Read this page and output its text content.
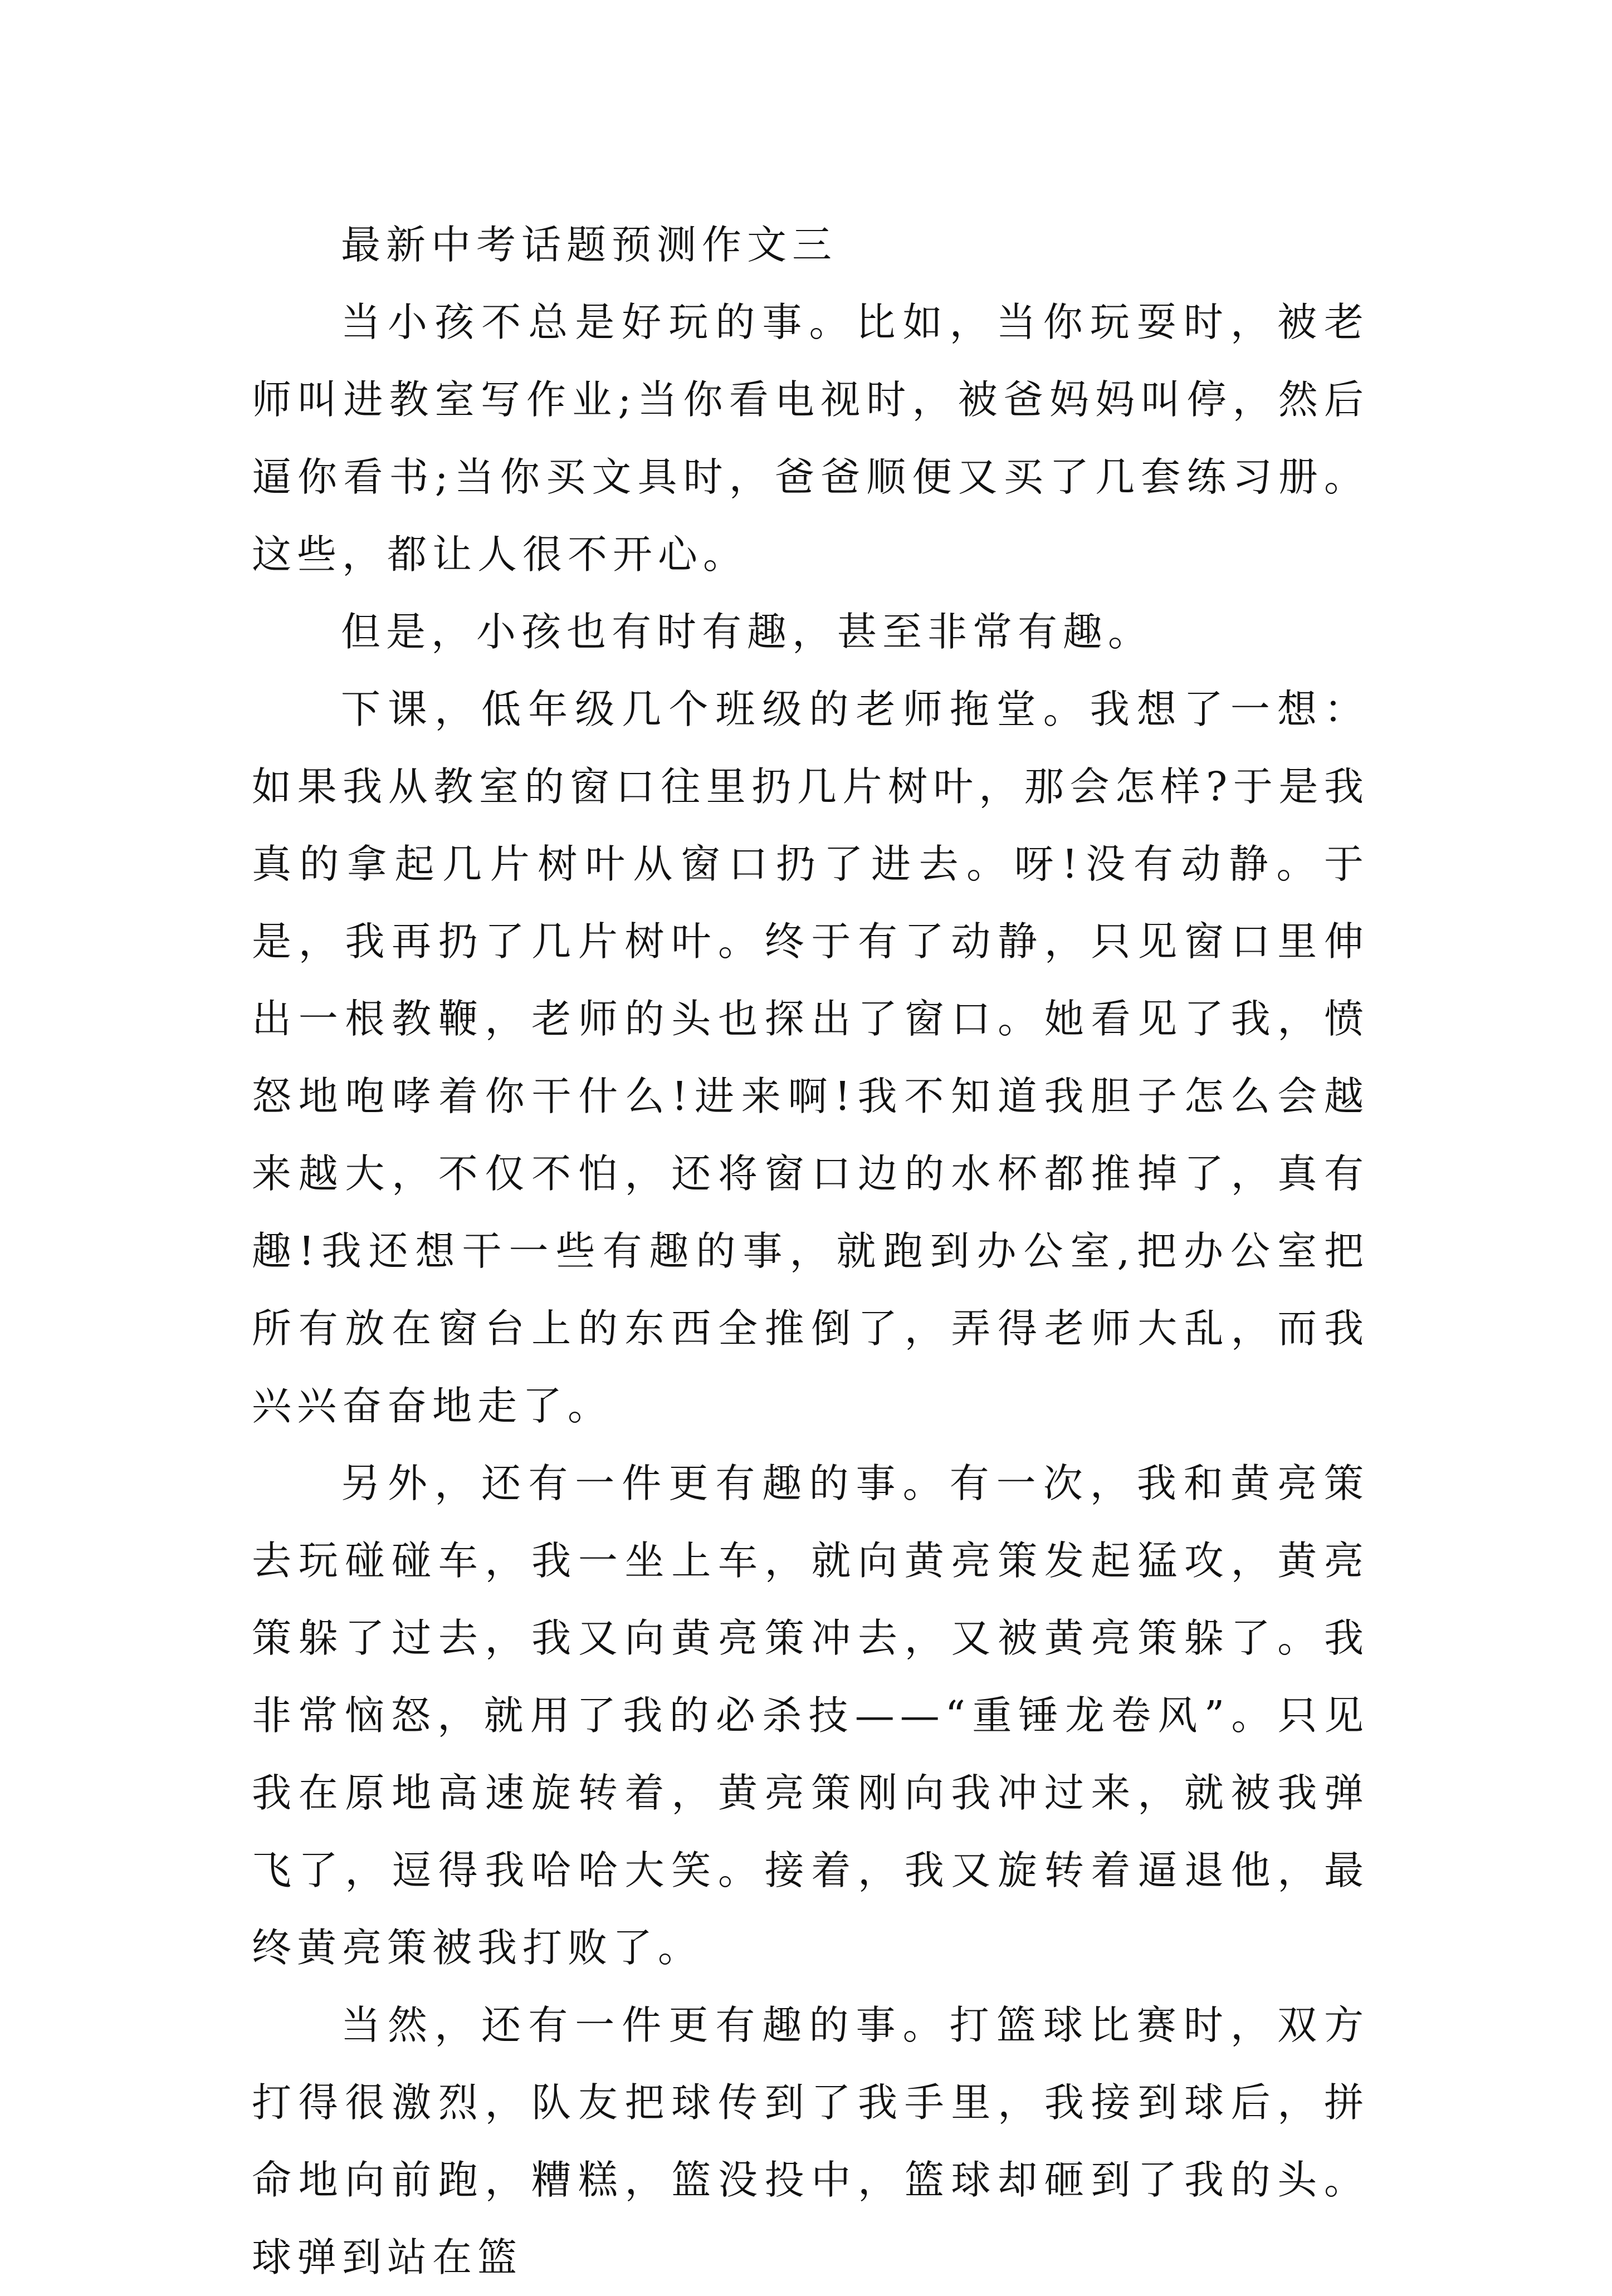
最新中考话题预测作文三

当小孩不总是好玩的事。比如，当你玩耍时，被老师叫进教室写作业;当你看电视时，被爸妈妈叫停，然后逼你看书;当你买文具时，爸爸顺便又买了几套练习册。这些，都让人很不开心。

但是，小孩也有时有趣，甚至非常有趣。

下课，低年级几个班级的老师拖堂。我想了一想：如果我从教室的窗口往里扔几片树叶，那会怎样?于是我真的拿起几片树叶从窗口扔了进去。呀!没有动静。于是，我再扔了几片树叶。终于有了动静，只见窗口里伸出一根教鞭，老师的头也探出了窗口。她看见了我，愤怒地咆哮着你干什么!进来啊!我不知道我胆子怎么会越来越大，不仅不怕，还将窗口边的水杯都推掉了，真有趣!我还想干一些有趣的事，就跑到办公室,把办公室把所有放在窗台上的东西全推倒了，弄得老师大乱，而我兴兴奋奋地走了。

另外，还有一件更有趣的事。有一次，我和黄亮策去玩碰碰车，我一坐上车，就向黄亮策发起猛攻，黄亮策躲了过去，我又向黄亮策冲去，又被黄亮策躲了。我非常恼怒，就用了我的必杀技——“重锤龙卷风”。只见我在原地高速旋转着，黄亮策刚向我冲过来，就被我弹飞了，逗得我哈哈大笑。接着，我又旋转着逼退他，最终黄亮策被我打败了。

当然，还有一件更有趣的事。打篮球比赛时，双方打得很激烈，队友把球传到了我手里，我接到球后，拼命地向前跑，糟糕，篮没投中，篮球却砸到了我的头。球弹到站在篮
